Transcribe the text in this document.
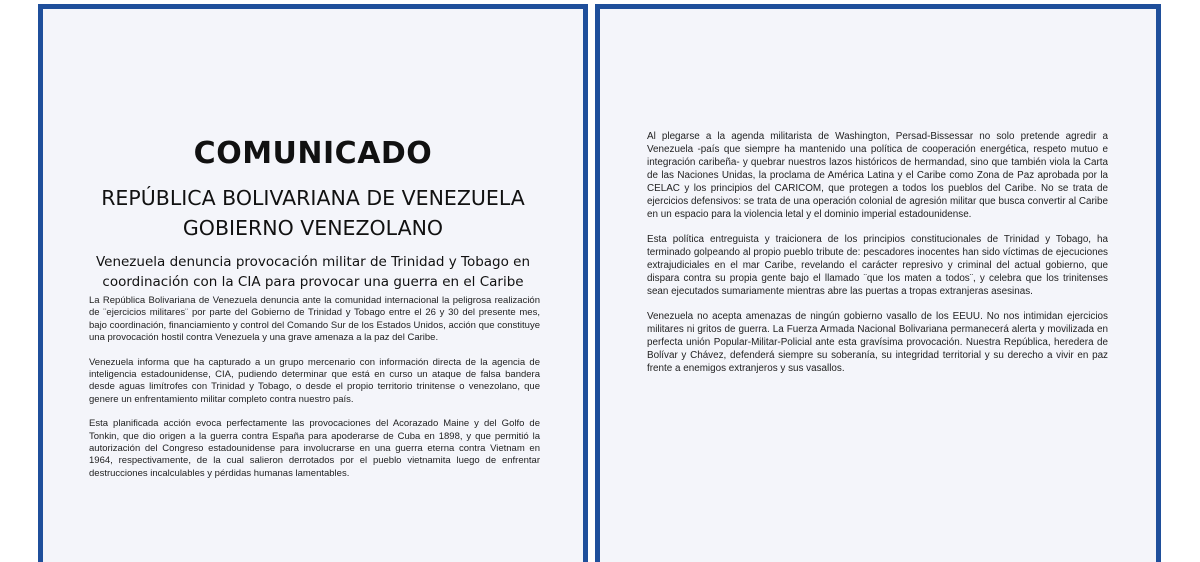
COMUNICADO
REPÚBLICA BOLIVARIANA DE VENEZUELA
GOBIERNO VENEZOLANO
Venezuela denuncia provocación militar de Trinidad y Tobago en coordinación con la CIA para provocar una guerra en el Caribe

La República Bolivariana de Venezuela denuncia ante la comunidad internacional la peligrosa realización de ¨ejercicios militares¨ por parte del Gobierno de Trinidad y Tobago entre el 26 y 30 del presente mes, bajo coordinación, financiamiento y control del Comando Sur de los Estados Unidos, acción que constituye una provocación hostil contra Venezuela y una grave amenaza a la paz del Caribe.

Venezuela informa que ha capturado a un grupo mercenario con información directa de la agencia de inteligencia estadounidense, CIA, pudiendo determinar que está en curso un ataque de falsa bandera desde aguas limítrofes con Trinidad y Tobago, o desde el propio territorio trinitense o venezolano, que genere un enfrentamiento militar completo contra nuestro país.

Esta planificada acción evoca perfectamente las provocaciones del Acorazado Maine y del Golfo de Tonkin, que dio origen a la guerra contra España para apoderarse de Cuba en 1898, y que permitió la autorización del Congreso estadounidense para involucrarse en una guerra eterna contra Vietnam en 1964, respectivamente, de la cual salieron derrotados por el pueblo vietnamita luego de enfrentar destrucciones incalculables y pérdidas humanas lamentables.

Al plegarse a la agenda militarista de Washington, Persad-Bissessar no solo pretende agredir a Venezuela -país que siempre ha mantenido una política de cooperación energética, respeto mutuo e integración caribeña- y quebrar nuestros lazos históricos de hermandad, sino que también viola la Carta de las Naciones Unidas, la proclama de América Latina y el Caribe como Zona de Paz aprobada por la CELAC y los principios del CARICOM, que protegen a todos los pueblos del Caribe. No se trata de ejercicios defensivos: se trata de una operación colonial de agresión militar que busca convertir al Caribe en un espacio para la violencia letal y el dominio imperial estadounidense.

Esta política entreguista y traicionera de los principios constitucionales de Trinidad y Tobago, ha terminado golpeando al propio pueblo tribute de: pescadores inocentes han sido víctimas de ejecuciones extrajudiciales en el mar Caribe, revelando el carácter represivo y criminal del actual gobierno, que dispara contra su propia gente bajo el llamado ¨que los maten a todos¨, y celebra que los trinitenses sean ejecutados sumariamente mientras abre las puertas a tropas extranjeras asesinas.

Venezuela no acepta amenazas de ningún gobierno vasallo de los EEUU. No nos intimidan ejercicios militares ni gritos de guerra. La Fuerza Armada Nacional Bolivariana permanecerá alerta y movilizada en perfecta unión Popular-Militar-Policial ante esta gravísima provocación. Nuestra República, heredera de Bolívar y Chávez, defenderá siempre su soberanía, su integridad territorial y su derecho a vivir en paz frente a enemigos extranjeros y sus vasallos.
